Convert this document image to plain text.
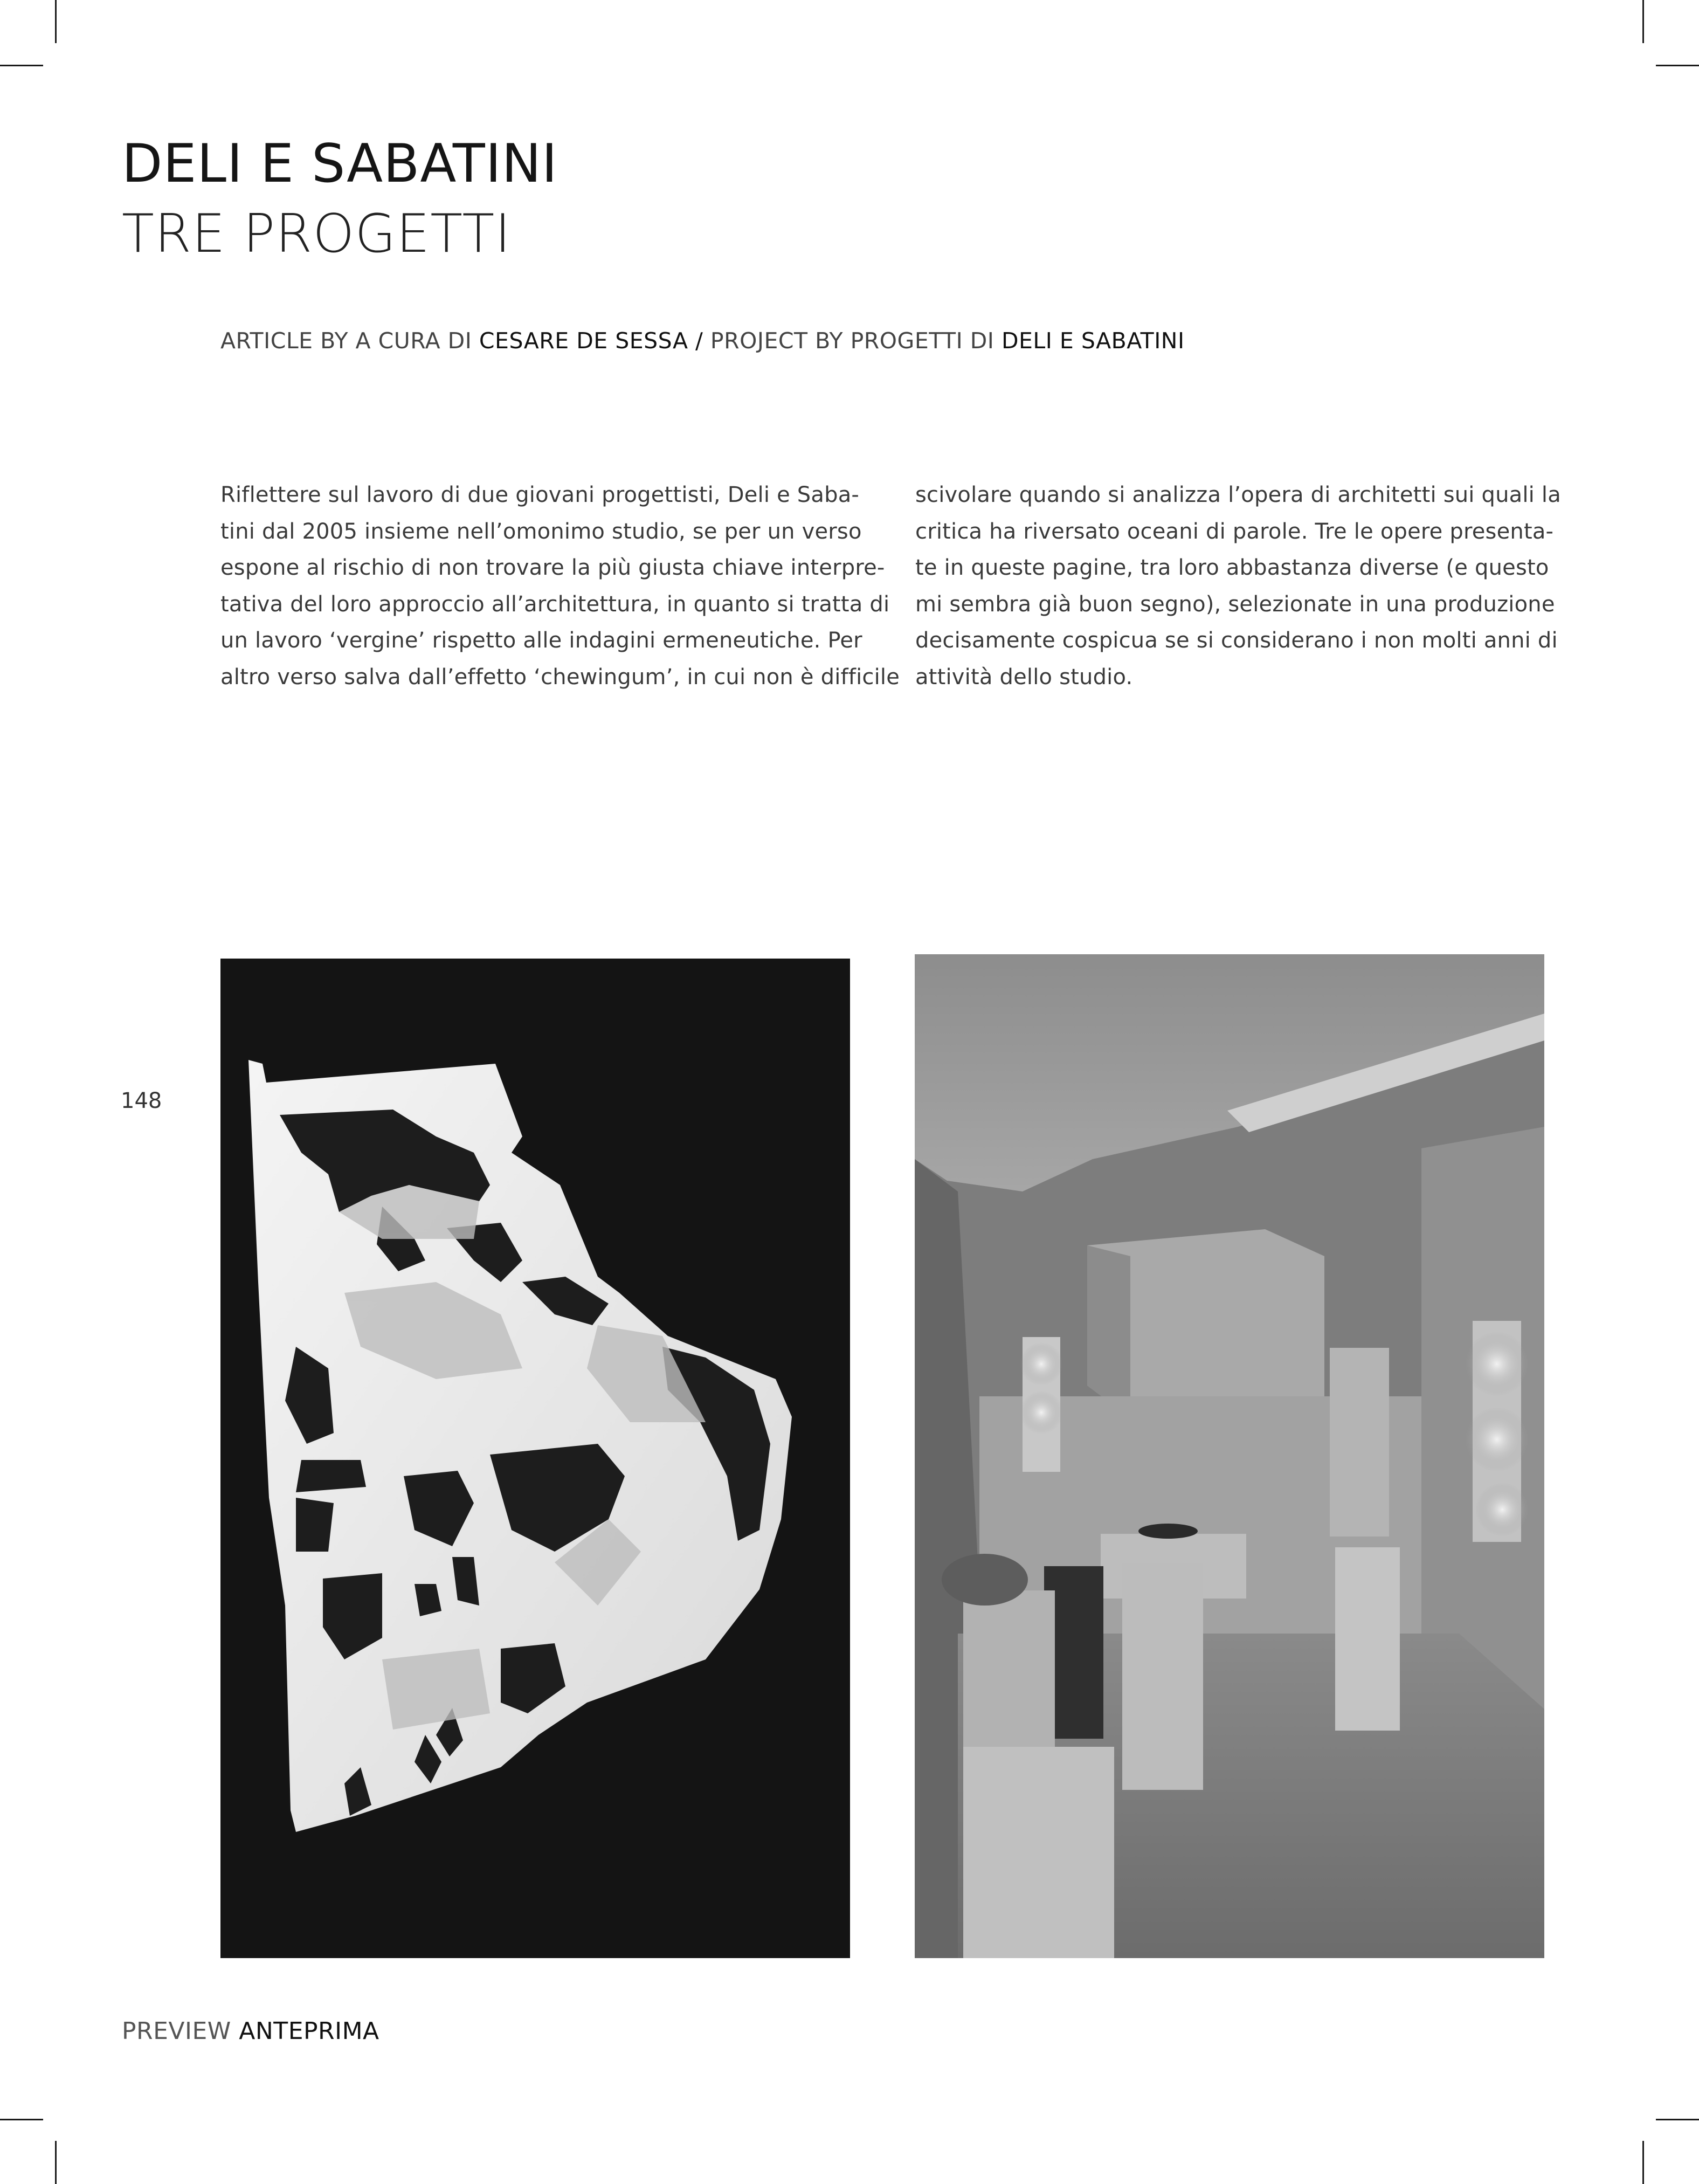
DELI E SABATINI
TRE PROGETTI
ARTICLE BY A CURA DI CESARE DE SESSA / PROJECT BY PROGETTI DI DELI E SABATINI
Riflettere sul lavoro di due giovani progettisti, Deli e Saba-
tini dal 2005 insieme nell’omonimo studio, se per un verso
espone al rischio di non trovare la più giusta chiave interpre-
tativa del loro approccio all’architettura, in quanto si tratta di
un lavoro ‘vergine’ rispetto alle indagini ermeneutiche. Per
altro verso salva dall’effetto ‘chewingum’, in cui non è difficile
scivolare quando si analizza l’opera di architetti sui quali la
critica ha riversato oceani di parole. Tre le opere presenta-
te in queste pagine, tra loro abbastanza diverse (e questo
mi sembra già buon segno), selezionate in una produzione
decisamente cospicua se si considerano i non molti anni di
attività dello studio.
148
PREVIEW ANTEPRIMA
